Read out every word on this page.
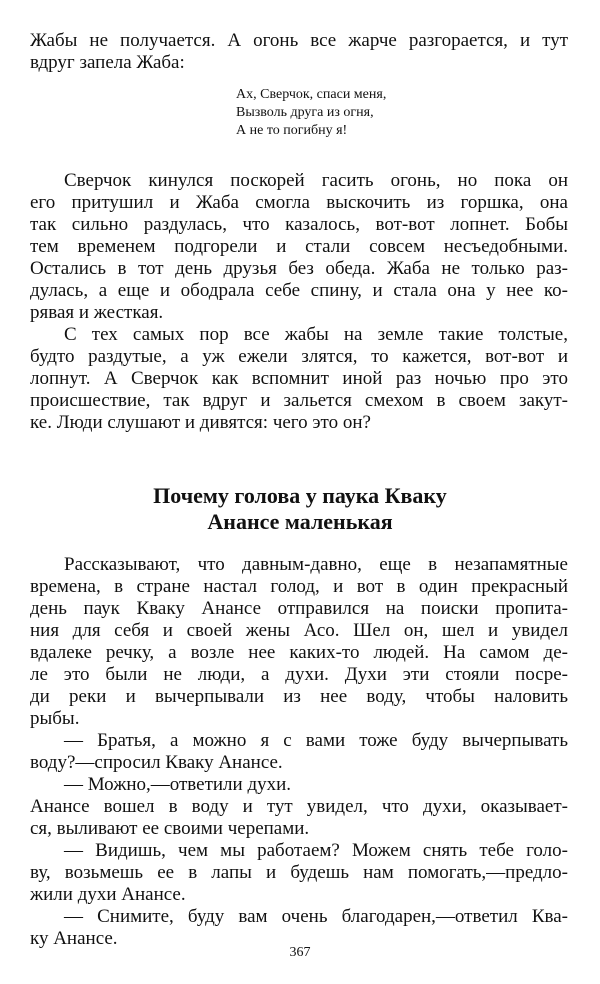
Жабы не получается. А огонь все жарче разгорается, и тут
вдруг запела Жаба:
Ах, Сверчок, спаси меня,
Вызволь друга из огня,
А не то погибну я!
Сверчок кинулся поскорей гасить огонь, но пока он
его притушил и Жаба смогла выскочить из горшка, она
так сильно раздулась, что казалось, вот-вот лопнет. Бобы
тем временем подгорели и стали совсем несъедобными.
Остались в тот день друзья без обеда. Жаба не только раз-
дулась, а еще и ободрала себе спину, и стала она у нее ко-
рявая и жесткая.
С тех самых пор все жабы на земле такие толстые,
будто раздутые, а уж ежели злятся, то кажется, вот-вот и
лопнут. А Сверчок как вспомнит иной раз ночью про это
происшествие, так вдруг и зальется смехом в своем закут-
ке. Люди слушают и дивятся: чего это он?
Почему голова у паука Кваку
Анансе маленькая
Рассказывают, что давным-давно, еще в незапамятные
времена, в стране настал голод, и вот в один прекрасный
день паук Кваку Анансе отправился на поиски пропита-
ния для себя и своей жены Асо. Шел он, шел и увидел
вдалеке речку, а возле нее каких-то людей. На самом де-
ле это были не люди, а духи. Духи эти стояли посре-
ди реки и вычерпывали из нее воду, чтобы наловить
рыбы.
— Братья, а можно я с вами тоже буду вычерпывать
воду?—спросил Кваку Анансе.
— Можно,—ответили духи.
Анансе вошел в воду и тут увидел, что духи, оказывает-
ся, выливают ее своими черепами.
— Видишь, чем мы работаем? Можем снять тебе голо-
ву, возьмешь ее в лапы и будешь нам помогать,—предло-
жили духи Анансе.
— Снимите, буду вам очень благодарен,—ответил Ква-
ку Анансе.
367
